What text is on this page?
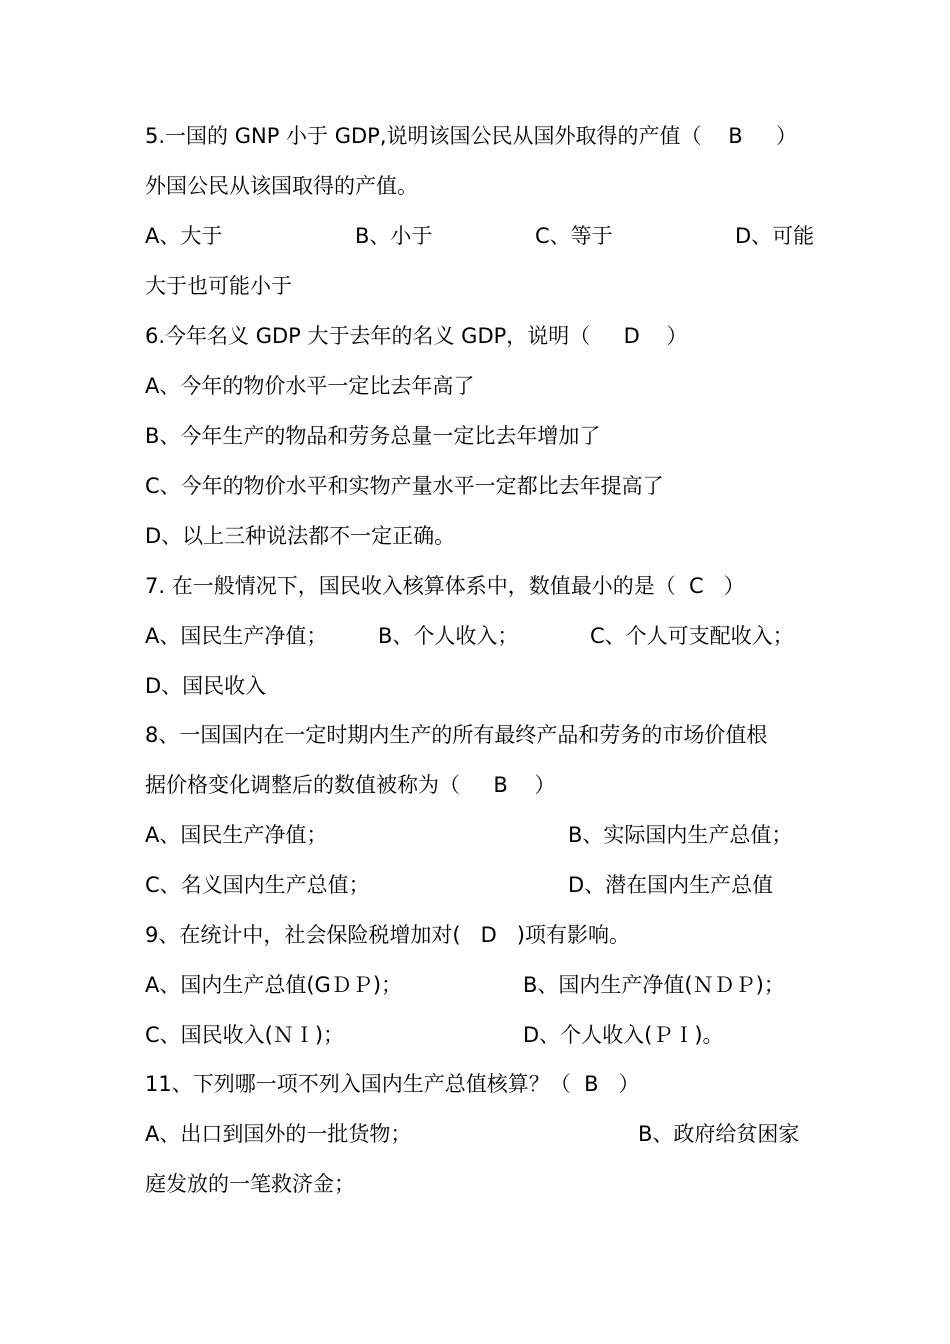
5.一国的 GNP 小于 GDP,说明该国公民从国外取得的产值（    B     ）
外国公民从该国取得的产值。
A、大于	B、小于	C、等于	D、可能
大于也可能小于
6.今年名义 GDP 大于去年的名义 GDP，说明（     D    ）
A、今年的物价水平一定比去年高了
B、今年生产的物品和劳务总量一定比去年增加了
C、今年的物价水平和实物产量水平一定都比去年提高了
D、以上三种说法都不一定正确。
7. 在一般情况下，国民收入核算体系中，数值最小的是（  C   ）
A、国民生产净值； B、个人收入；	C、个人可支配收入；
D、国民收入
8、一国国内在一定时期内生产的所有最终产品和劳务的市场价值根
据价格变化调整后的数值被称为（     B    ）
A、国民生产净值；	B、实际国内生产总值；
C、名义国内生产总值；	D、潜在国内生产总值
9、在统计中，社会保险税增加对(   D   )项有影响。
A、国内生产总值(GＤＰ)；	B、国内生产净值(ＮＤＰ)；
C、国民收入(ＮＩ)；	D、个人收入(ＰＩ)。
11、下列哪一项不列入国内生产总值核算？（  B   ）
A、出口到国外的一批货物；	B、政府给贫困家
庭发放的一笔救济金；
